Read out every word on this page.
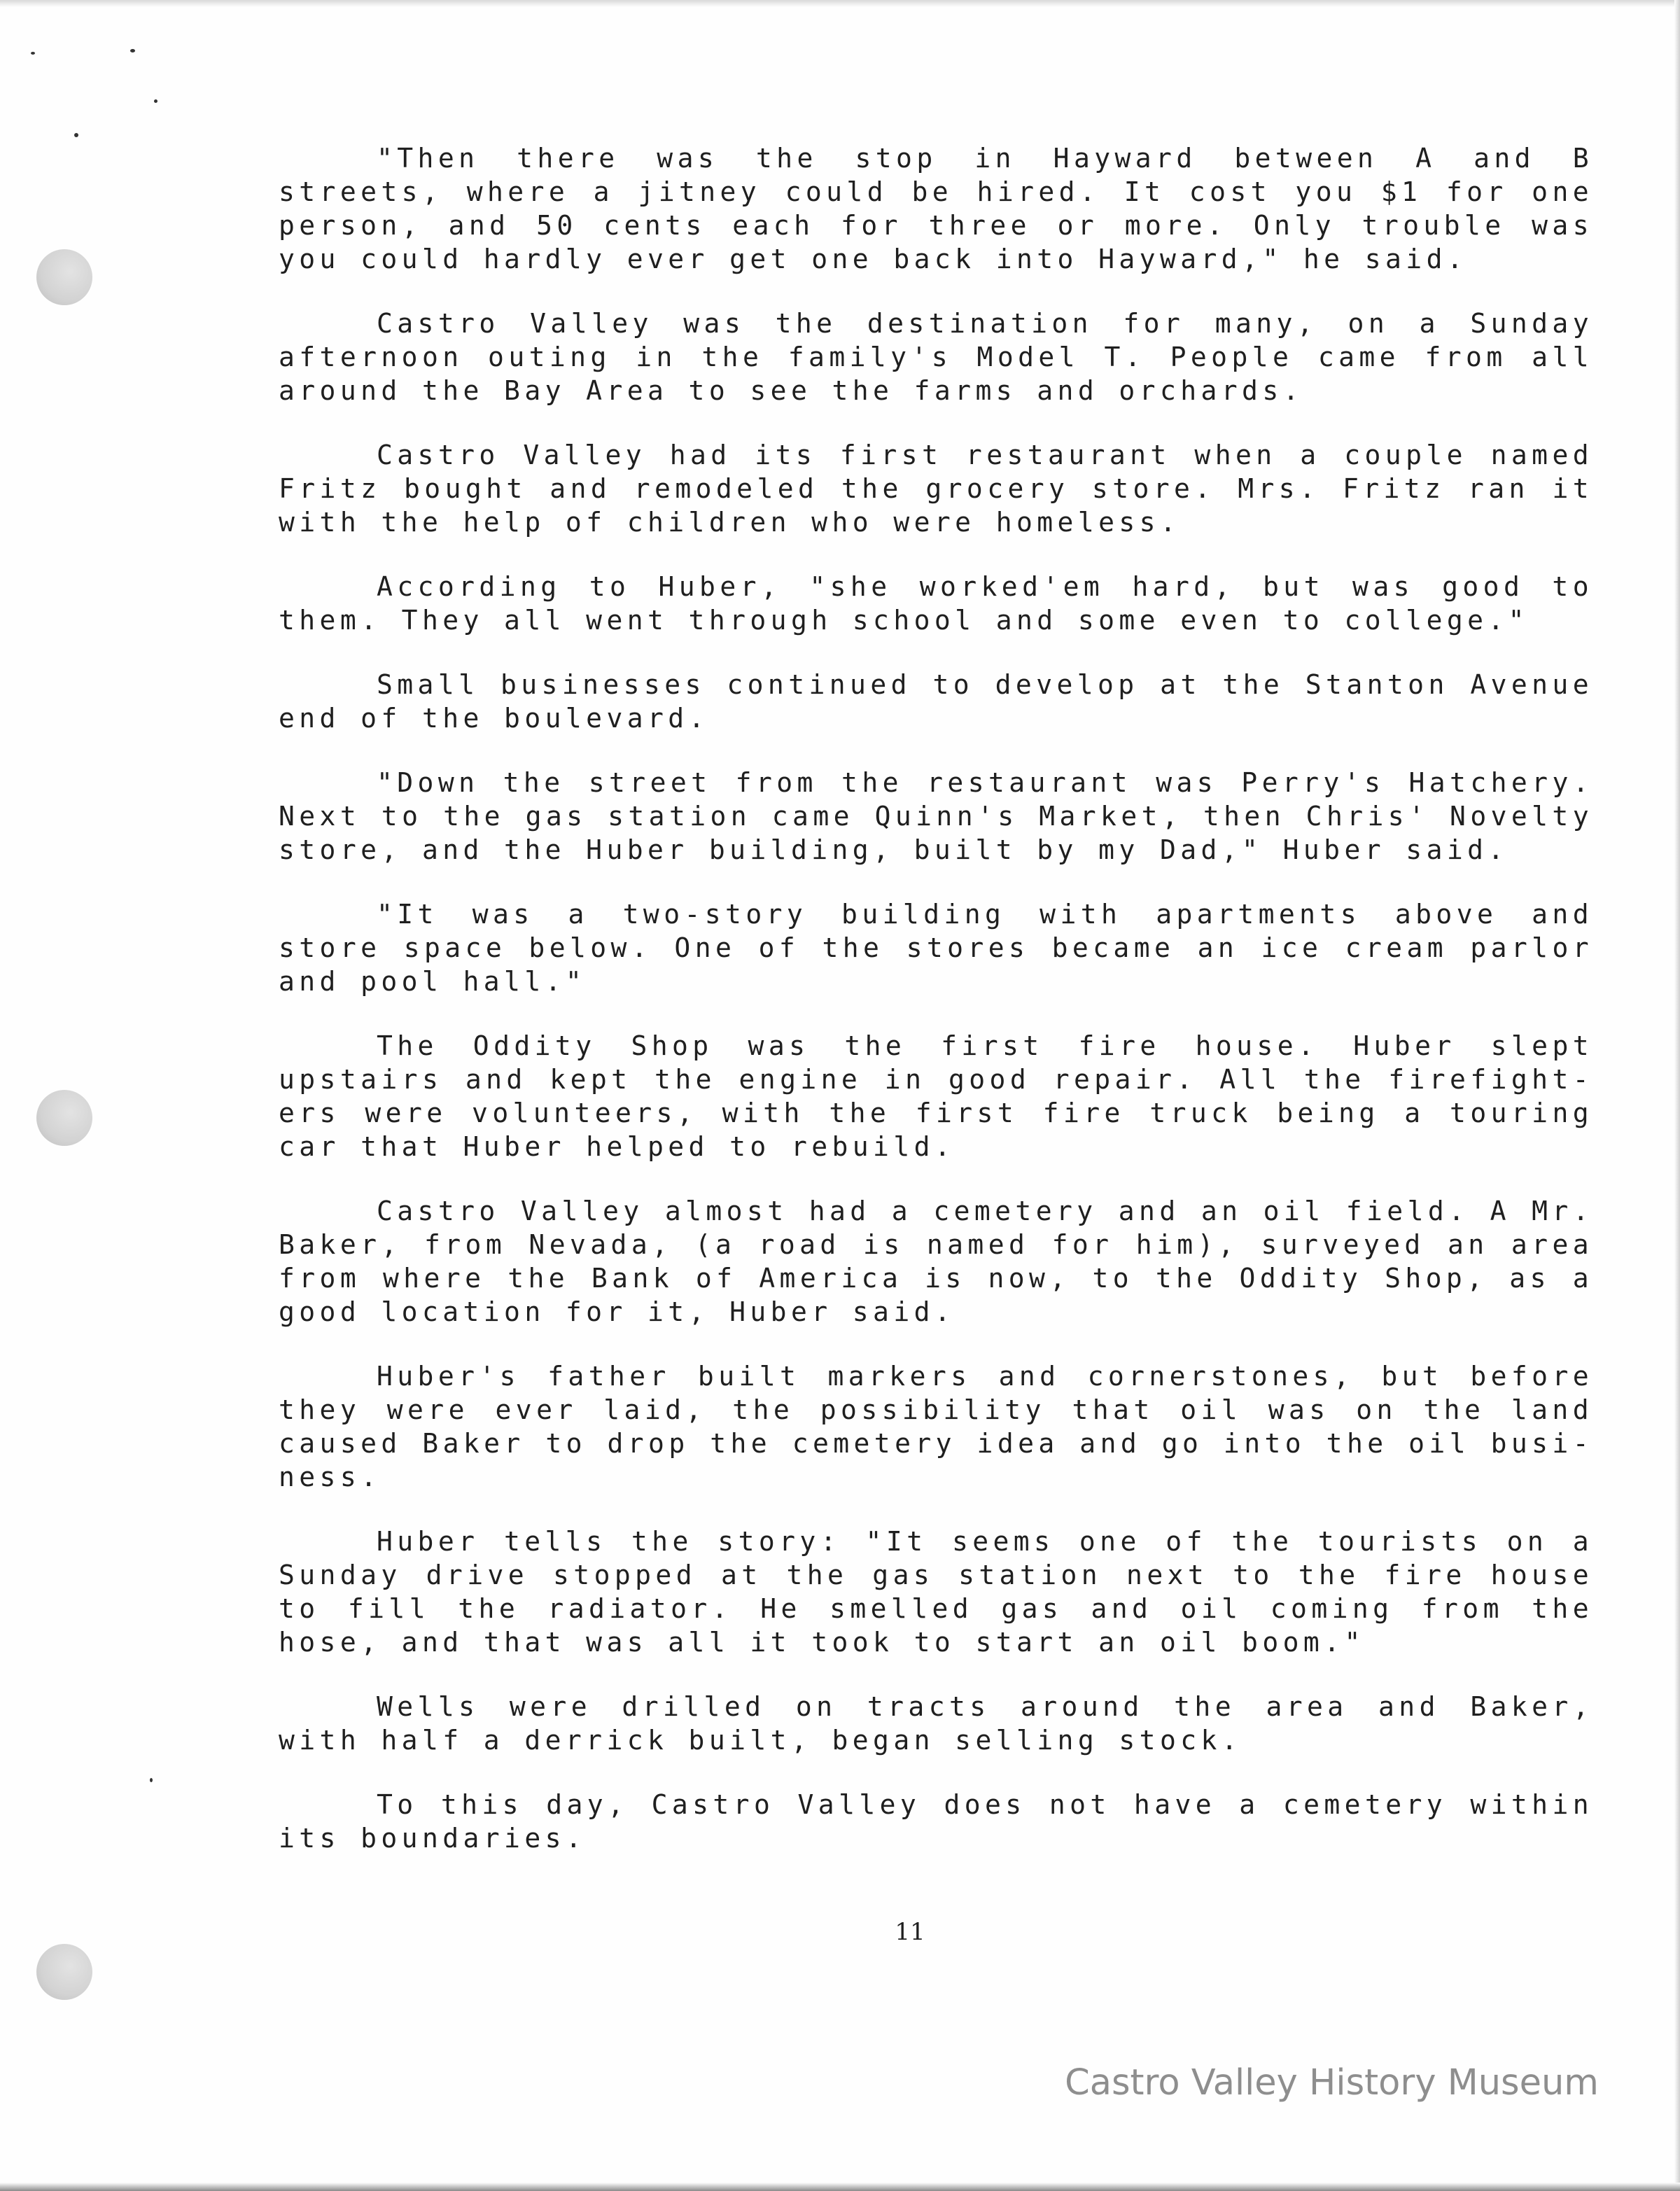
"Then there was the stop in Hayward between A and B streets, where a jitney could be hired. It cost you $1 for one person, and 50 cents each for three or more. Only trouble was you could hardly ever get one back into Hayward," he said.

Castro Valley was the destination for many, on a Sunday afternoon outing in the family's Model T. People came from all around the Bay Area to see the farms and orchards.

Castro Valley had its first restaurant when a couple named Fritz bought and remodeled the grocery store. Mrs. Fritz ran it with the help of children who were homeless.

According to Huber, "she worked'em hard, but was good to them. They all went through school and some even to college."

Small businesses continued to develop at the Stanton Avenue end of the boulevard.

"Down the street from the restaurant was Perry's Hatchery. Next to the gas station came Quinn's Market, then Chris' Novelty store, and the Huber building, built by my Dad," Huber said.

"It was a two-story building with apartments above and store space below. One of the stores became an ice cream parlor and pool hall."

The Oddity Shop was the first fire house. Huber slept upstairs and kept the engine in good repair. All the firefight- ers were volunteers, with the first fire truck being a touring car that Huber helped to rebuild.

Castro Valley almost had a cemetery and an oil field. A Mr. Baker, from Nevada, (a road is named for him), surveyed an area from where the Bank of America is now, to the Oddity Shop, as a good location for it, Huber said.

Huber's father built markers and cornerstones, but before they were ever laid, the possibility that oil was on the land caused Baker to drop the cemetery idea and go into the oil busi- ness.

Huber tells the story: "It seems one of the tourists on a Sunday drive stopped at the gas station next to the fire house to fill the radiator. He smelled gas and oil coming from the hose, and that was all it took to start an oil boom."

Wells were drilled on tracts around the area and Baker, with half a derrick built, began selling stock.

To this day, Castro Valley does not have a cemetery within its boundaries.

11
Castro Valley History Museum
